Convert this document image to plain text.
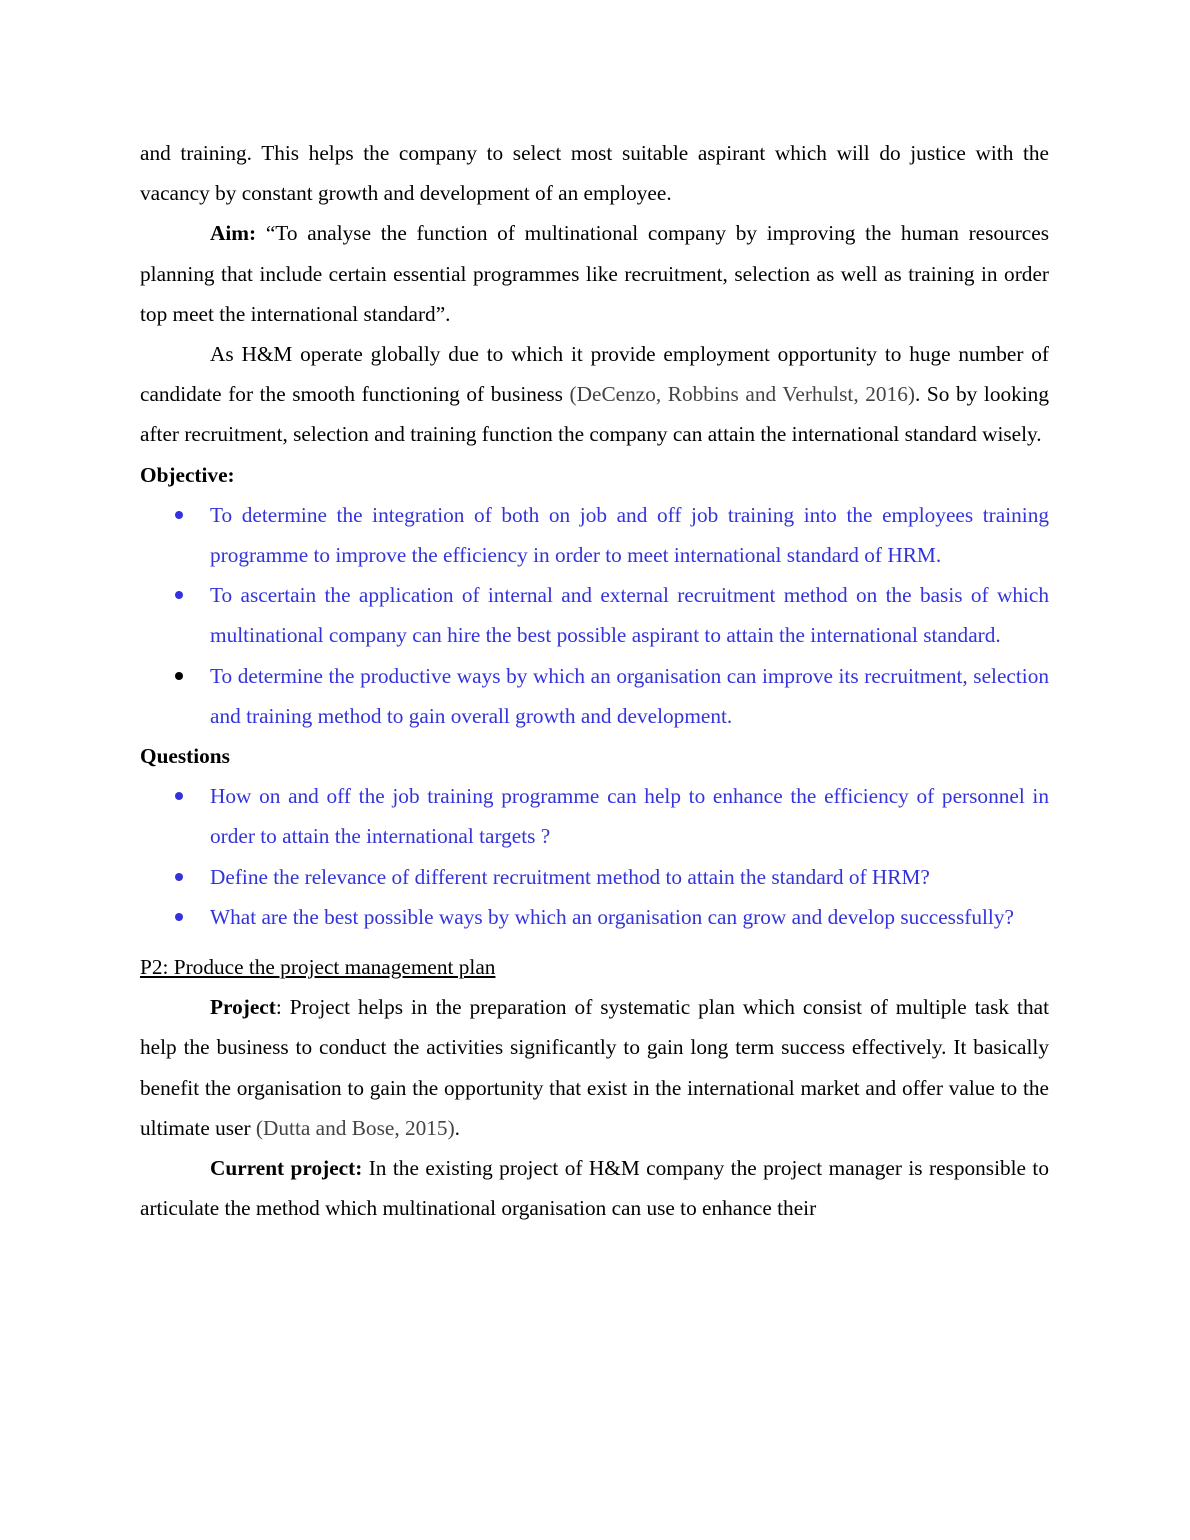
and training. This helps the company to select most suitable aspirant which will do justice with the vacancy by constant growth and development of an employee.

Aim: “To analyse the function of multinational company by improving the human resources planning that include certain essential programmes like recruitment, selection as well as training in order top meet the international standard”.

As H&M operate globally due to which it provide employment opportunity to huge number of candidate for the smooth functioning of business (DeCenzo, Robbins and Verhulst, 2016). So by looking after recruitment, selection and training function the company can attain the international standard wisely.

Objective:

To determine the integration of both on job and off job training into the employees training programme to improve the efficiency in order to meet international standard of HRM.
To ascertain the application of internal and external recruitment method on the basis of which multinational company can hire the best possible aspirant to attain the international standard.
To determine the productive ways by which an organisation can improve its recruitment, selection and training method to gain overall growth and development.

Questions

How on and off the job training programme can help to enhance the efficiency of personnel in order to attain the international targets ?
Define the relevance of different recruitment method to attain the standard of HRM?
What are the best possible ways by which an organisation can grow and develop successfully?

P2: Produce the project management plan

Project: Project helps in the preparation of systematic plan which consist of multiple task that help the business to conduct the activities significantly to gain long term success effectively. It basically benefit the organisation to gain the opportunity that exist in the international market and offer value to the ultimate user (Dutta and Bose, 2015).

Current project: In the existing project of H&M company the project manager is responsible to articulate the method which multinational organisation can use to enhance their
